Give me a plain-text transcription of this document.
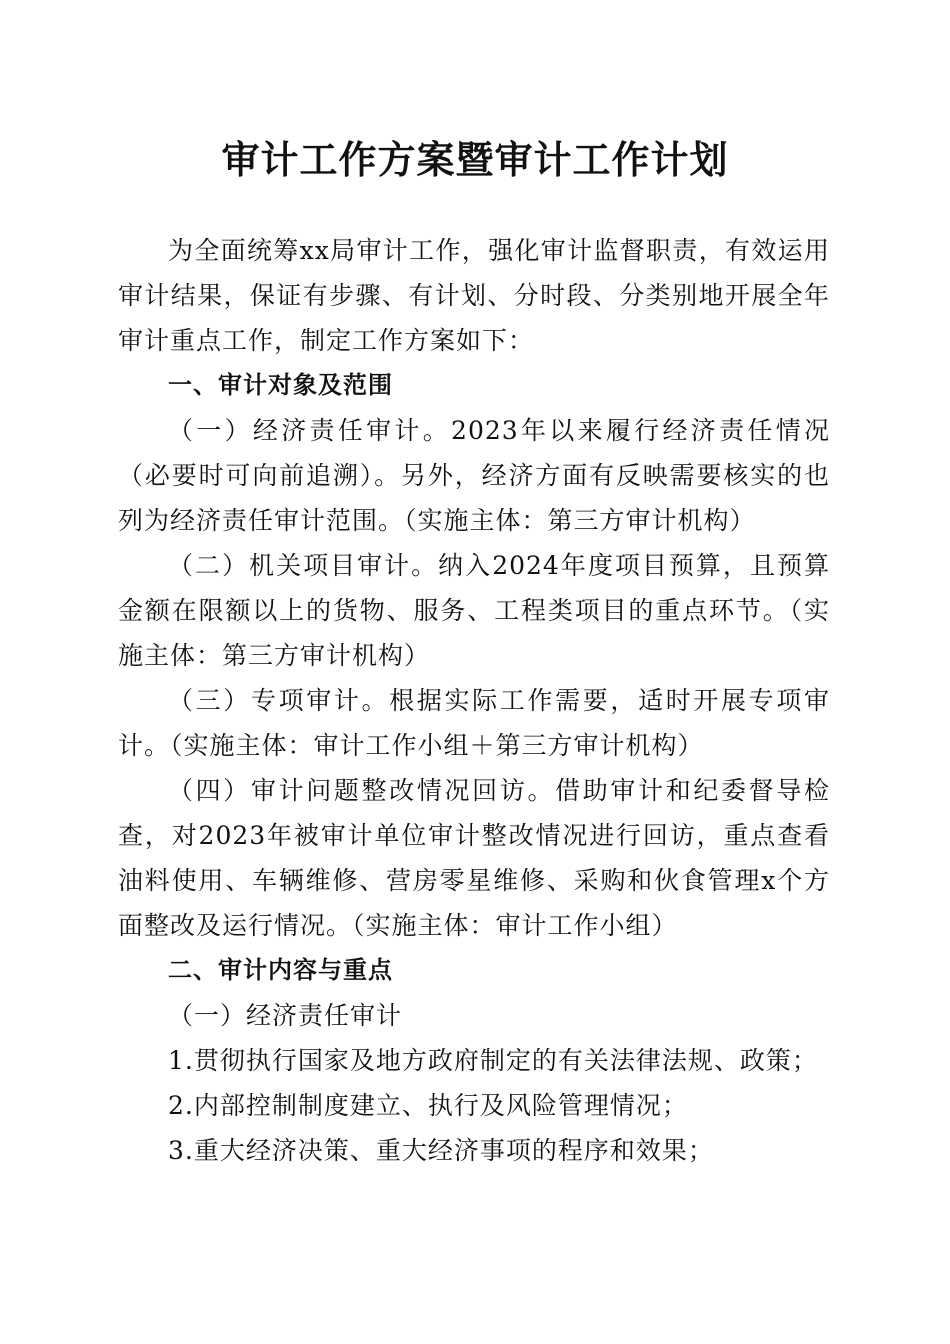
审计工作方案暨审计工作计划

为全面统筹xx局审计工作，强化审计监督职责，有效运用审计结果，保证有步骤、有计划、分时段、分类别地开展全年审计重点工作，制定工作方案如下：

一、审计对象及范围

（一）经济责任审计。2023年以来履行经济责任情况（必要时可向前追溯）。另外，经济方面有反映需要核实的也列为经济责任审计范围。（实施主体：第三方审计机构）

（二）机关项目审计。纳入2024年度项目预算，且预算金额在限额以上的货物、服务、工程类项目的重点环节。（实施主体：第三方审计机构）

（三）专项审计。根据实际工作需要，适时开展专项审计。（实施主体：审计工作小组＋第三方审计机构）

（四）审计问题整改情况回访。借助审计和纪委督导检查，对2023年被审计单位审计整改情况进行回访，重点查看油料使用、车辆维修、营房零星维修、采购和伙食管理x个方面整改及运行情况。（实施主体：审计工作小组）

二、审计内容与重点

（一）经济责任审计

1.贯彻执行国家及地方政府制定的有关法律法规、政策；

2.内部控制制度建立、执行及风险管理情况；

3.重大经济决策、重大经济事项的程序和效果；
